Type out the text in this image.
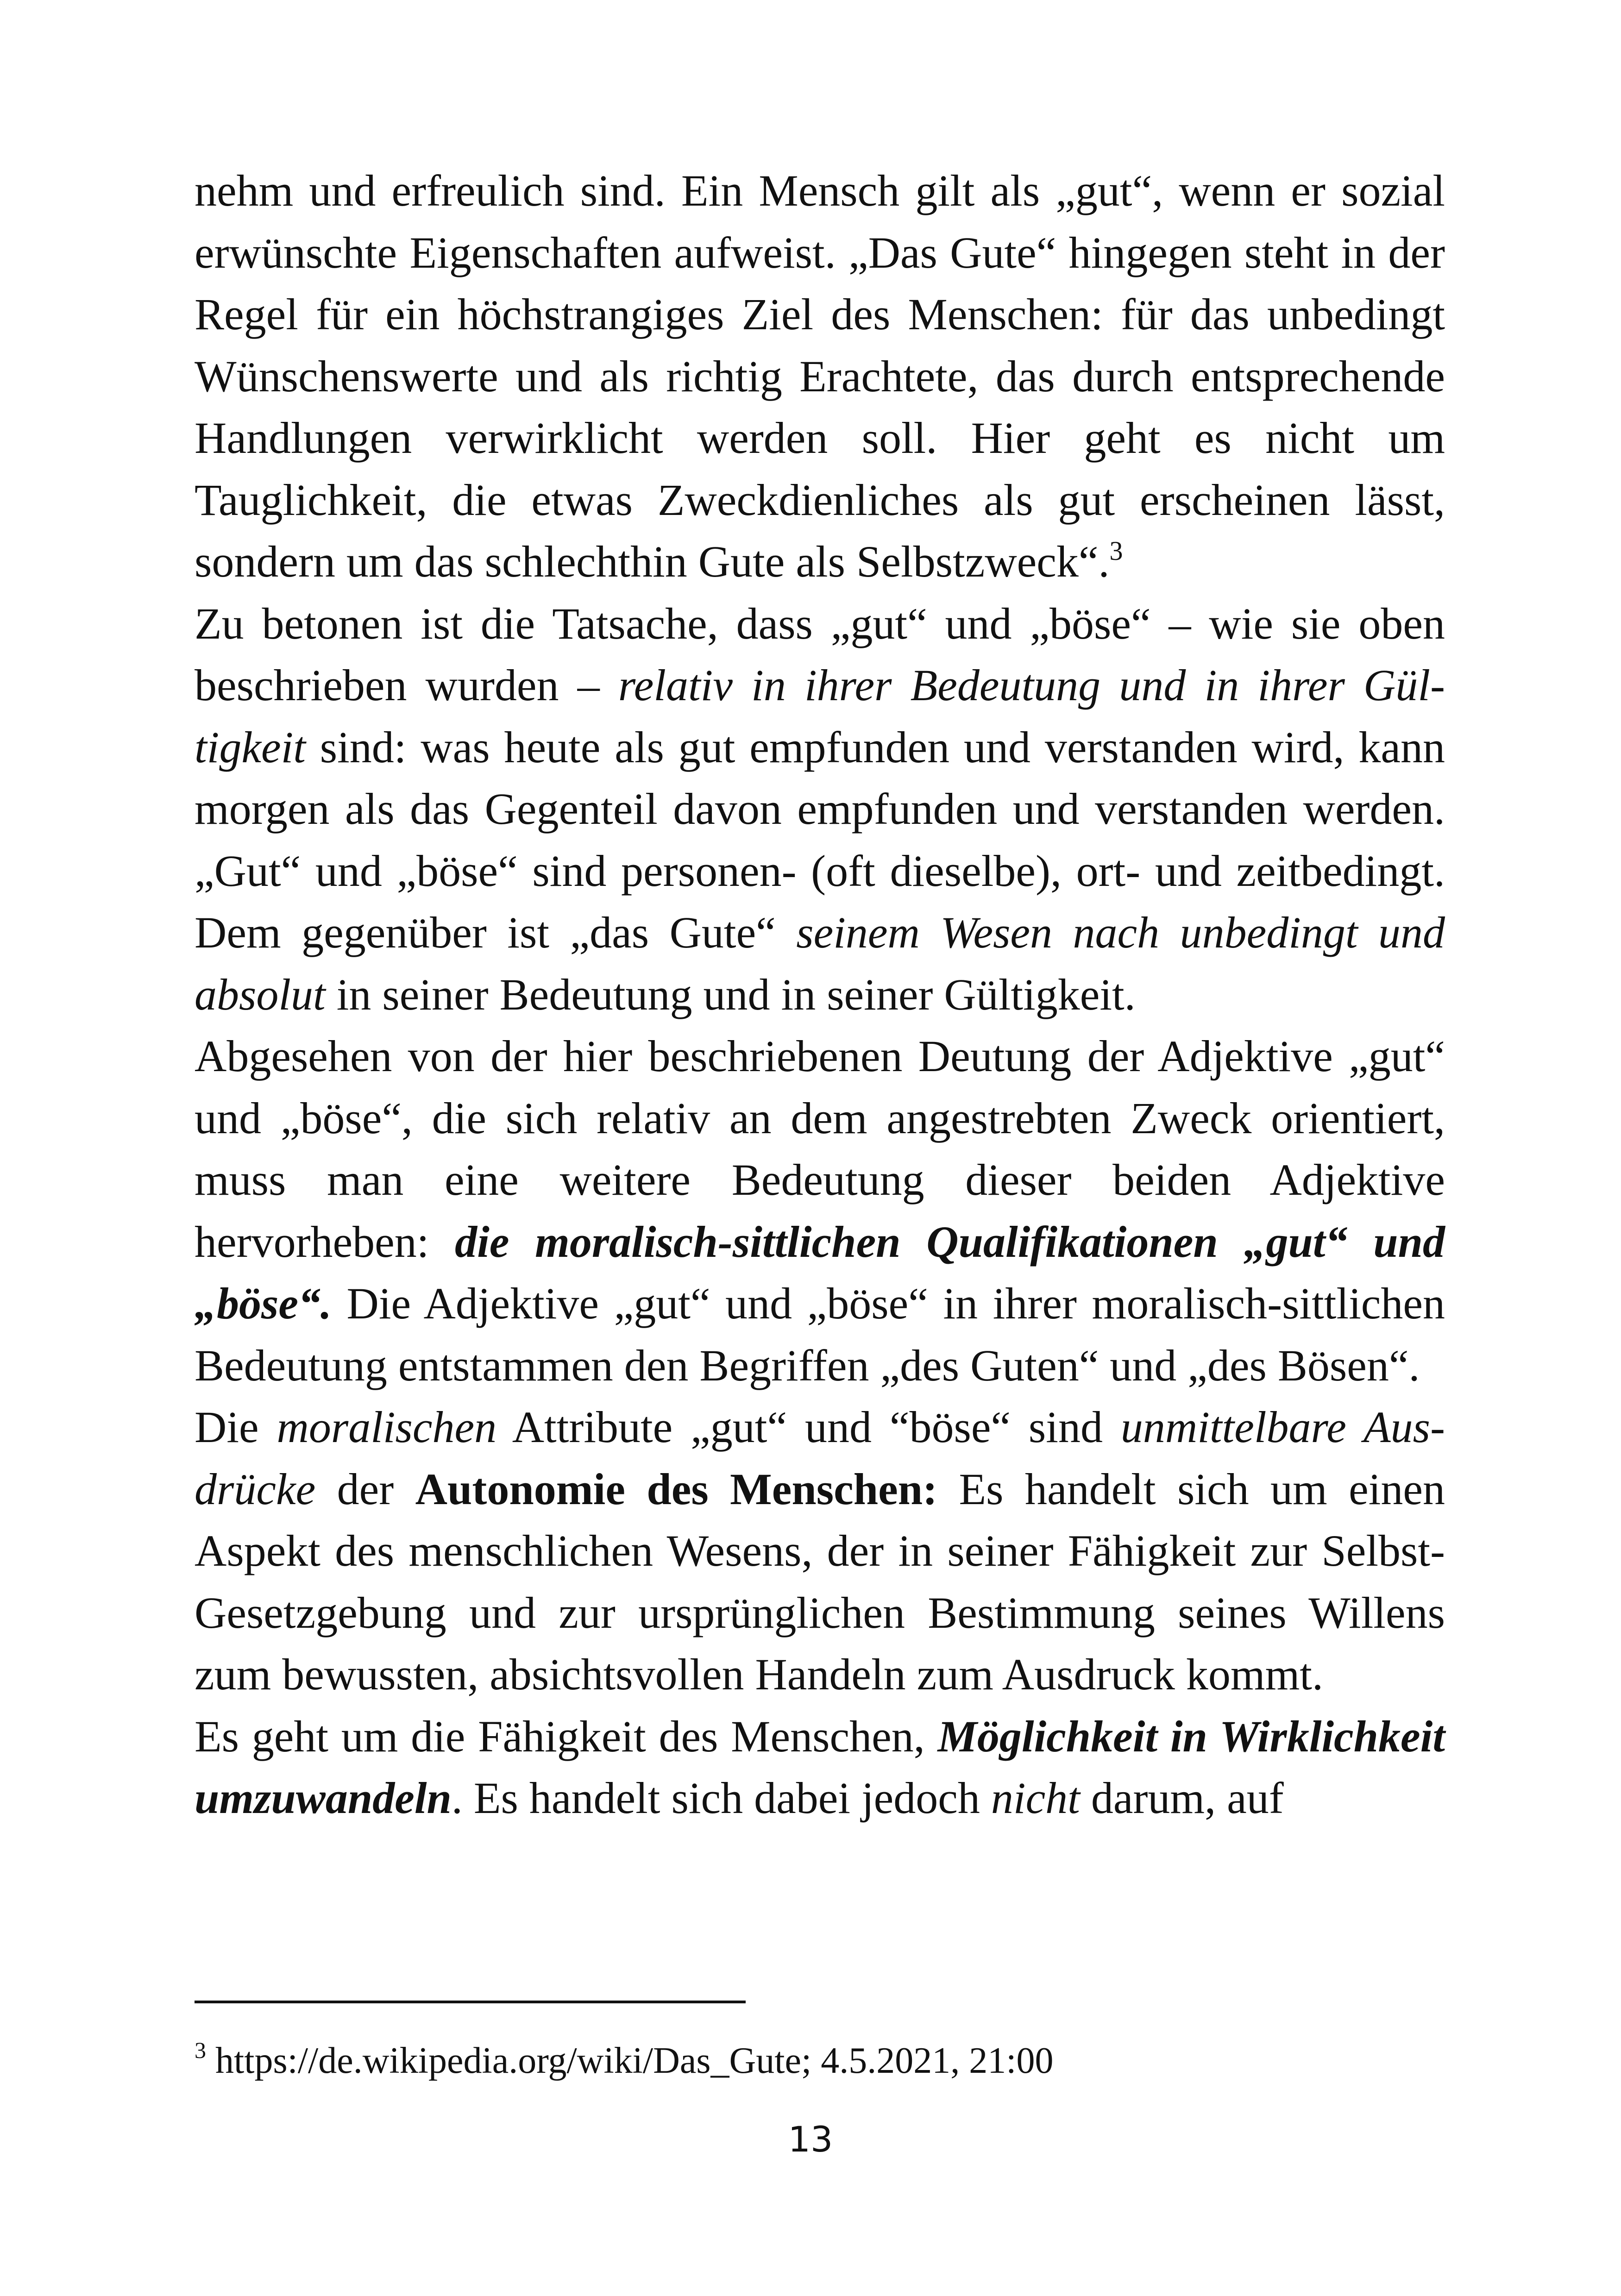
nehm und erfreulich sind. Ein Mensch gilt als „gut“, wenn er sozial erwünschte Eigenschaften aufweist. „Das Gute“ hingegen steht in der Regel für ein höchstrangiges Ziel des Menschen: für das unbedingt Wünschenswerte und als richtig Erachtete, das durch entsprechende Handlungen verwirklicht werden soll. Hier geht es nicht um Tauglichkeit, die etwas Zweckdienliches als gut erscheinen lässt, sondern um das schlechthin Gute als Selbstzweck“.$^3$

Zu betonen ist die Tatsache, dass „gut“ und „böse“ – wie sie oben beschrieben wurden – relativ in ihrer Bedeutung und in ihrer Gültigkeit sind: was heute als gut empfunden und verstanden wird, kann morgen als das Gegenteil davon empfunden und verstanden werden. „Gut“ und „böse“ sind personen- (oft dieselbe), ort- und zeitbedingt. Dem gegenüber ist „das Gute“ seinem Wesen nach unbedingt und absolut in seiner Bedeutung und in seiner Gültigkeit.

Abgesehen von der hier beschriebenen Deutung der Adjektive „gut“ und „böse“, die sich relativ an dem angestrebten Zweck orientiert, muss man eine weitere Bedeutung dieser beiden Adjektive hervorheben: die moralisch-sittlichen Qualifikationen „gut“ und „böse“. Die Adjektive „gut“ und „böse“ in ihrer moralisch-sittlichen Bedeutung entstammen den Begriffen „des Guten“ und „des Bösen“.

Die moralischen Attribute „gut“ und “böse“ sind unmittelbare Ausdrücke der Autonomie des Menschen: Es handelt sich um einen Aspekt des menschlichen Wesens, der in seiner Fähigkeit zur Selbst-Gesetzgebung und zur ursprünglichen Bestimmung seines Willens zum bewussten, absichtsvollen Handeln zum Ausdruck kommt.

Es geht um die Fähigkeit des Menschen, Möglichkeit in Wirklichkeit umzuwandeln. Es handelt sich dabei jedoch nicht darum, auf

$^3$ https://de.wikipedia.org/wiki/Das_Gute; 4.5.2021, 21:00
13
